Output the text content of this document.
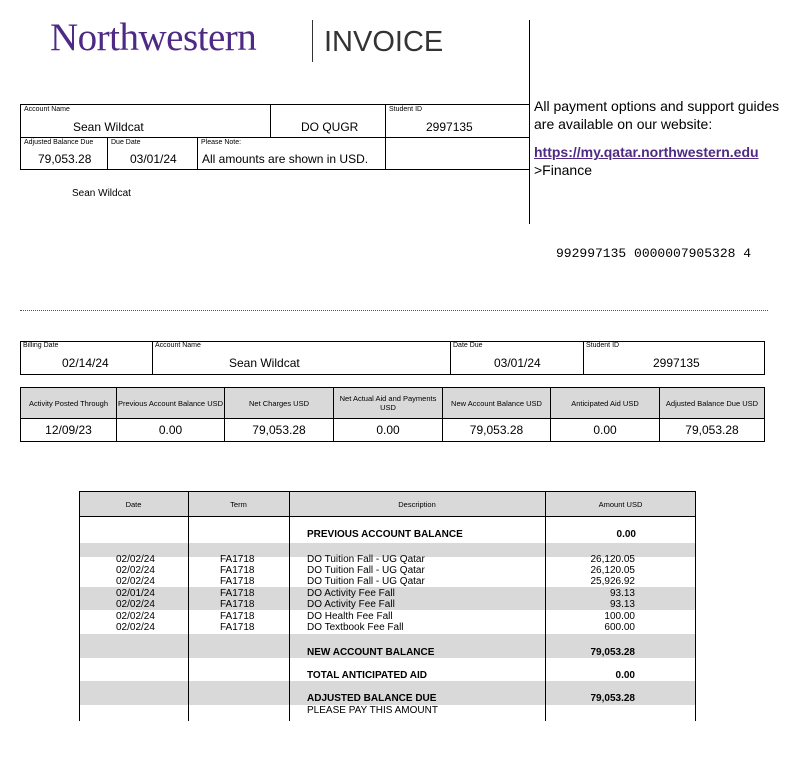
Northwestern INVOICE
Account Name
Sean Wildcat	DO QUGR
Student ID
2997135
Adjusted Balance Due
79,053.28
Due Date
03/01/24
Please Note:
All amounts are shown in USD.
Sean Wildcat
All payment options and support guides are available on our website:
https://my.qatar.northwestern.edu
>Finance
992997135 0000007905328 4
Billing Date
02/14/24
Account Name
Sean Wildcat
Date Due
03/01/24
Student ID
2997135
Activity Posted Through	Previous Account Balance USD	Net Charges USD	Net Actual Aid and Payments USD	New Account Balance USD	Anticipated Aid USD	Adjusted Balance Due USD
12/09/23	0.00	79,053.28	0.00	79,053.28	0.00	79,053.28
Date	Term	Description	Amount USD
PREVIOUS ACCOUNT BALANCE	0.00
02/02/24	FA1718	DO Tuition Fall - UG Qatar	26,120.05
02/02/24	FA1718	DO Tuition Fall - UG Qatar	26,120.05
02/02/24	FA1718	DO Tuition Fall - UG Qatar	25,926.92
02/01/24	FA1718	DO Activity Fee Fall	93.13
02/02/24	FA1718	DO Activity Fee Fall	93.13
02/02/24	FA1718	DO Health Fee Fall	100.00
02/02/24	FA1718	DO Textbook Fee Fall	600.00
NEW ACCOUNT BALANCE	79,053.28
TOTAL ANTICIPATED AID	0.00
ADJUSTED BALANCE DUE	79,053.28
PLEASE PAY THIS AMOUNT
